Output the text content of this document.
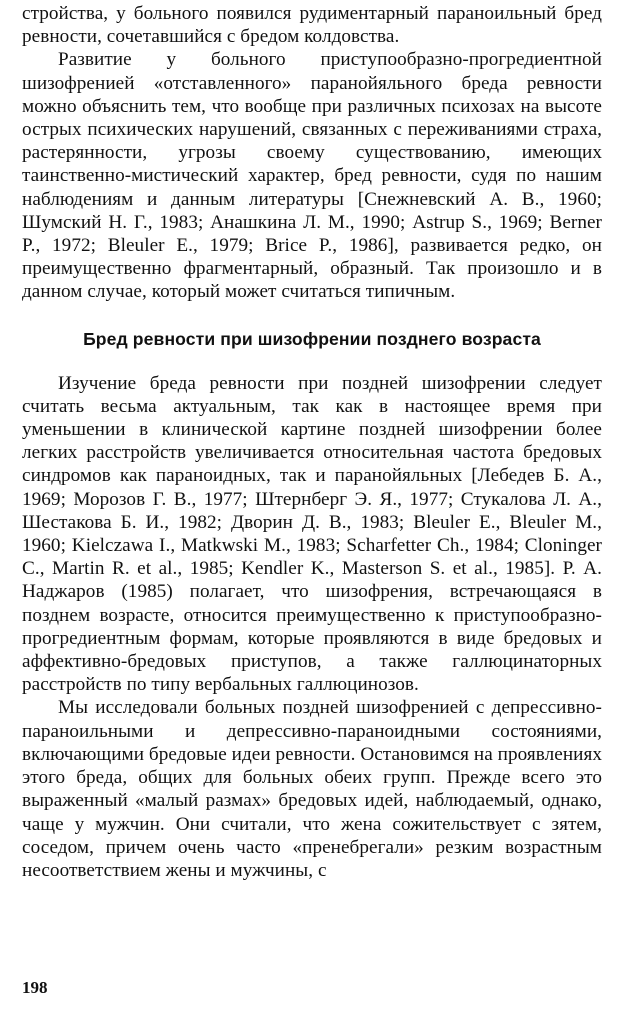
стройства, у больного появился рудиментарный параноильный бред ревности, сочетавшийся с бредом колдовства.

Развитие у больного приступообразно-прогредиентной шизофренией «отставленного» паранойяльного бреда ревности можно объяснить тем, что вообще при различных психозах на высоте острых психических нарушений, связанных с переживаниями страха, растерянности, угрозы своему существованию, имеющих таинственно-мистический характер, бред ревности, судя по нашим наблюдениям и данным литературы [Снежневский А. В., 1960; Шумский Н. Г., 1983; Анашкина Л. М., 1990; Astrup S., 1969; Berner P., 1972; Bleuler E., 1979; Brice P., 1986], развивается редко, он преимущественно фрагментарный, образный. Так произошло и в данном случае, который может считаться типичным.

Бред ревности при шизофрении позднего возраста

Изучение бреда ревности при поздней шизофрении следует считать весьма актуальным, так как в настоящее время при уменьшении в клинической картине поздней шизофрении более легких расстройств увеличивается относительная частота бредовых синдромов как параноидных, так и паранойяльных [Лебедев Б. А., 1969; Морозов Г. В., 1977; Штернберг Э. Я., 1977; Стукалова Л. А., Шестакова Б. И., 1982; Дворин Д. В., 1983; Bleuler E., Bleuler M., 1960; Kielczawa I., Matkwski M., 1983; Scharfetter Ch., 1984; Cloninger C., Martin R. et al., 1985; Kendler K., Masterson S. et al., 1985]. Р. А. Наджаров (1985) полагает, что шизофрения, встречающаяся в позднем возрасте, относится преимущественно к приступообразно-прогредиентным формам, которые проявляются в виде бредовых и аффективно-бредовых приступов, а также галлюцинаторных расстройств по типу вербальных галлюцинозов.

Мы исследовали больных поздней шизофренией с депрессивно-параноильными и депрессивно-параноидными состояниями, включающими бредовые идеи ревности. Остановимся на проявлениях этого бреда, общих для больных обеих групп. Прежде всего это выраженный «малый размах» бредовых идей, наблюдаемый, однако, чаще у мужчин. Они считали, что жена сожительствует с зятем, соседом, причем очень часто «пренебрегали» резким возрастным несоответствием жены и мужчины, с

198
